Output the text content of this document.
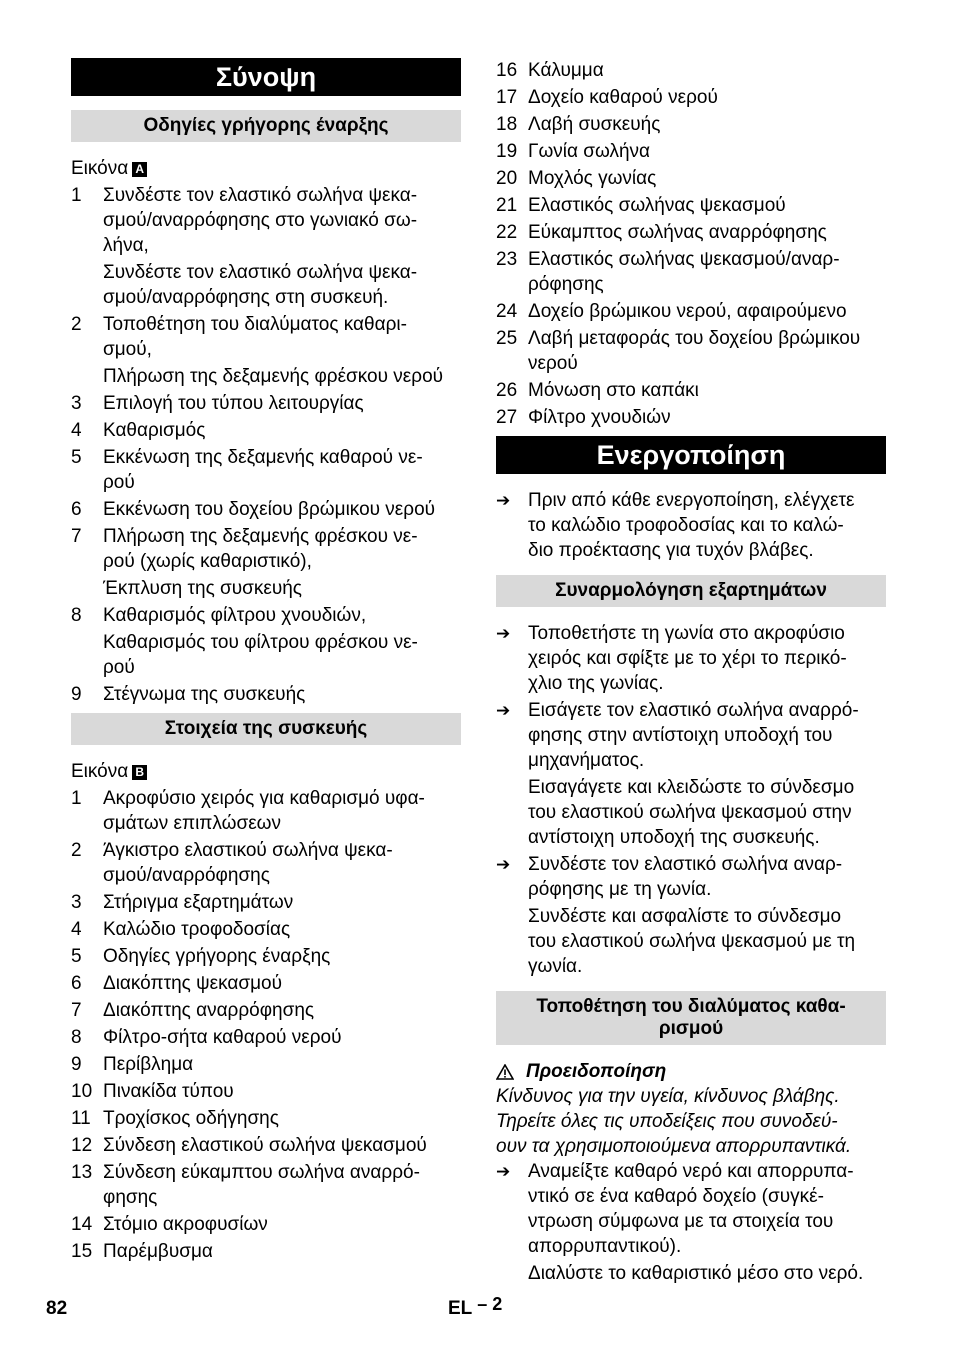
Σύνοψη
Οδηγίες γρήγορης έναρξης
Εικόνα A
1	Συνδέστε τον ελαστικό σωλήνα ψεκα-
σμού/αναρρόφησης στο γωνιακό σω-
λήνα,
Συνδέστε τον ελαστικό σωλήνα ψεκα-
σμού/αναρρόφησης στη συσκευή.
2	Τοποθέτηση του διαλύματος καθαρι-
σμού,
Πλήρωση της δεξαμενής φρέσκου νερού
3	Επιλογή του τύπου λειτουργίας
4	Καθαρισμός
5	Εκκένωση της δεξαμενής καθαρού νε-
ρού
6	Εκκένωση του δοχείου βρώμικου νερού
7	Πλήρωση της δεξαμενής φρέσκου νε-
ρού (χωρίς καθαριστικό),
Έκπλυση της συσκευής
8	Καθαρισμός φίλτρου χνουδιών,
Καθαρισμός του φίλτρου φρέσκου νε-
ρού
9	Στέγνωμα της συσκευής
Στοιχεία της συσκευής
Εικόνα B
1	Ακροφύσιο χειρός για καθαρισμό υφα-
σμάτων επιπλώσεων
2	Άγκιστρο ελαστικού σωλήνα ψεκα-
σμού/αναρρόφησης
3	Στήριγμα εξαρτημάτων
4	Καλώδιο τροφοδοσίας
5	Οδηγίες γρήγορης έναρξης
6	Διακόπτης ψεκασμού
7	Διακόπτης αναρρόφησης
8	Φίλτρο-σήτα καθαρού νερού
9	Περίβλημα
10 Πινακίδα τύπου
11 Τροχίσκος οδήγησης
12 Σύνδεση ελαστικού σωλήνα ψεκασμού
13 Σύνδεση εύκαμπτου σωλήνα αναρρό-
φησης
14 Στόμιο ακροφυσίων
15 Παρέμβυσμα
16 Κάλυμμα
17 Δοχείο καθαρού νερού
18 Λαβή συσκευής
19 Γωνία σωλήνα
20 Μοχλός γωνίας
21 Ελαστικός σωλήνας ψεκασμού
22 Εύκαμπτος σωλήνας αναρρόφησης
23 Ελαστικός σωλήνας ψεκασμού/αναρ-
ρόφησης
24 Δοχείο βρώμικου νερού, αφαιρούμενο
25 Λαβή μεταφοράς του δοχείου βρώμικου
νερού
26 Μόνωση στο καπάκι
27 Φίλτρο χνουδιών
Ενεργοποίηση
➔ Πριν από κάθε ενεργοποίηση, ελέγχετε
το καλώδιο τροφοδοσίας και το καλώ-
διο προέκτασης για τυχόν βλάβες.
Συναρμολόγηση εξαρτημάτων
➔ Τοποθετήστε τη γωνία στο ακροφύσιο
χειρός και σφίξτε με το χέρι το περικό-
χλιο της γωνίας.
➔ Εισάγετε τον ελαστικό σωλήνα αναρρό-
φησης στην αντίστοιχη υποδοχή του
μηχανήματος.
Εισαγάγετε και κλειδώστε το σύνδεσμο
του ελαστικού σωλήνα ψεκασμού στην
αντίστοιχη υποδοχή της συσκευής.
➔ Συνδέστε τον ελαστικό σωλήνα αναρ-
ρόφησης με τη γωνία.
Συνδέστε και ασφαλίστε το σύνδεσμο
του ελαστικού σωλήνα ψεκασμού με τη
γωνία.
Τοποθέτηση του διαλύματος καθα-
ρισμού
Προειδοποίηση
Κίνδυνος για την υγεία, κίνδυνος βλάβης.
Τηρείτε όλες τις υποδείξεις που συνοδεύ-
ουν τα χρησιμοποιούμενα απορρυπαντικά.
➔ Αναμείξτε καθαρό νερό και απορρυπα-
ντικό σε ένα καθαρό δοχείο (συγκέ-
ντρωση σύμφωνα με τα στοιχεία του
απορρυπαντικού).
Διαλύστε το καθαριστικό μέσο στο νερό.
82	EL – 2
